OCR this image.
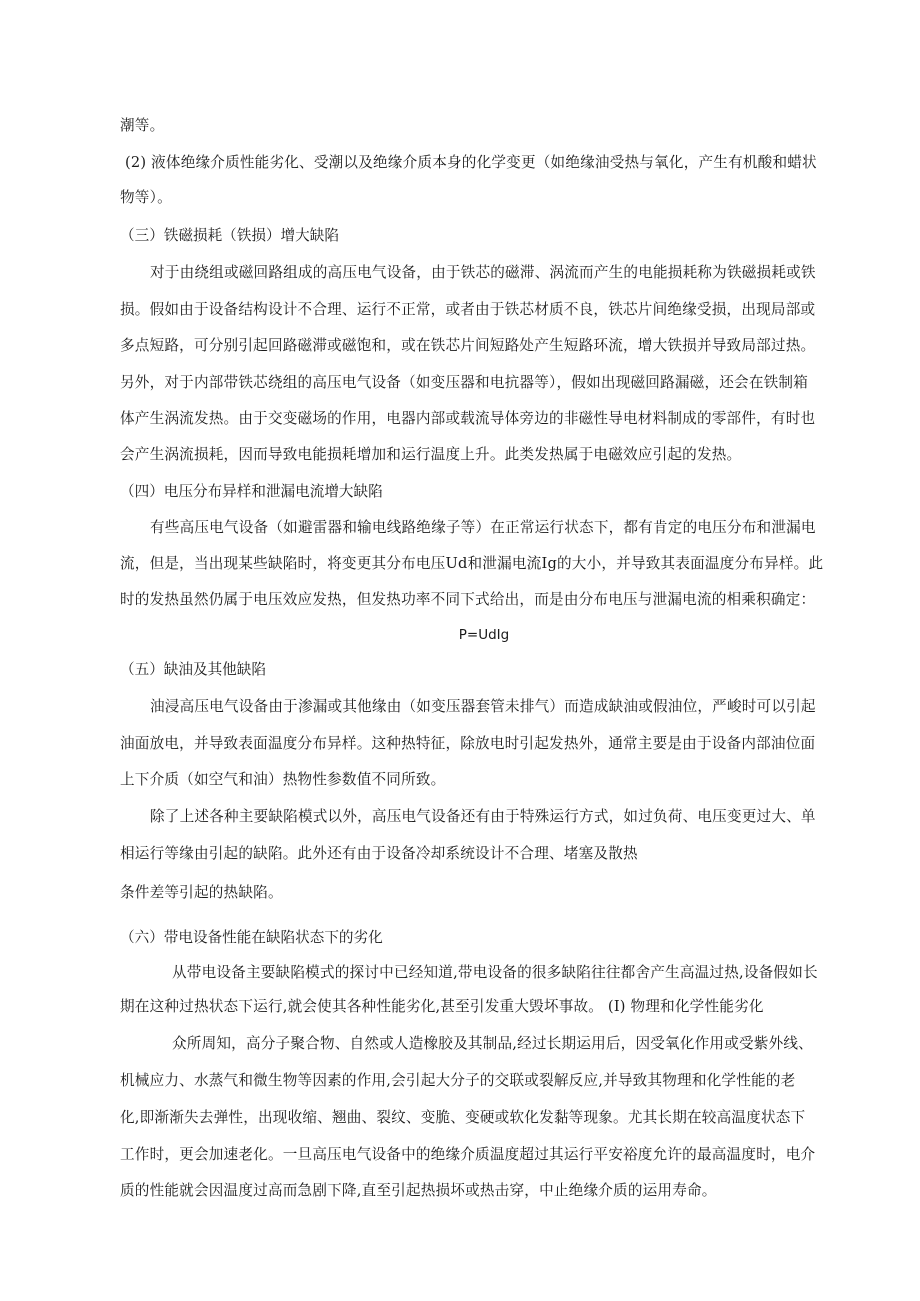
潮等。
(2) 液体绝缘介质性能劣化、受潮以及绝缘介质本身的化学变更（如绝缘油受热与氧化，产生有机酸和蜡状
物等）。
（三）铁磁损耗（铁损）增大缺陷
对于由绕组或磁回路组成的高压电气设备，由于铁芯的磁滞、涡流而产生的电能损耗称为铁磁损耗或铁
损。假如由于设备结构设计不合理、运行不正常，或者由于铁芯材质不良，铁芯片间绝缘受损，出现局部或
多点短路，可分别引起回路磁滞或磁饱和，或在铁芯片间短路处产生短路环流，增大铁损并导致局部过热。
另外，对于内部带铁芯绕组的高压电气设备（如变压器和电抗器等），假如出现磁回路漏磁，还会在铁制箱
体产生涡流发热。由于交变磁场的作用，电器内部或载流导体旁边的非磁性导电材料制成的零部件，有时也
会产生涡流损耗，因而导致电能损耗增加和运行温度上升。此类发热属于电磁效应引起的发热。
（四）电压分布异样和泄漏电流增大缺陷
有些高压电气设备（如避雷器和输电线路绝缘子等）在正常运行状态下，都有肯定的电压分布和泄漏电
流，但是，当出现某些缺陷时，将变更其分布电压Ud和泄漏电流Ig的大小，并导致其表面温度分布异样。此
时的发热虽然仍属于电压效应发热，但发热功率不同下式给出，而是由分布电压与泄漏电流的相乘积确定：
P=UdIg
（五）缺油及其他缺陷
油浸高压电气设备由于渗漏或其他缘由（如变压器套管未排气）而造成缺油或假油位，严峻时可以引起
油面放电，并导致表面温度分布异样。这种热特征，除放电时引起发热外，通常主要是由于设备内部油位面
上下介质（如空气和油）热物性参数值不同所致。
除了上述各种主要缺陷模式以外，高压电气设备还有由于特殊运行方式，如过负荷、电压变更过大、单
相运行等缘由引起的缺陷。此外还有由于设备冷却系统设计不合理、堵塞及散热
条件差等引起的热缺陷。
（六）带电设备性能在缺陷状态下的劣化
从带电设备主要缺陷模式的探讨中已经知道,带电设备的很多缺陷往往都舍产生高温过热,设备假如长
期在这种过热状态下运行,就会使其各种性能劣化,甚至引发重大毁坏事故。 (I) 物理和化学性能劣化
众所周知，高分子聚合物、自然或人造橡胶及其制品,经过长期运用后，因受氧化作用或受紫外线、
机械应力、水蒸气和微生物等因素的作用,会引起大分子的交联或裂解反应,并导致其物理和化学性能的老
化,即渐渐失去弹性，出现收缩、翘曲、裂纹、变脆、变硬或软化发黏等现象。尤其长期在较高温度状态下
工作时，更会加速老化。一旦高压电气设备中的绝缘介质温度超过其运行平安裕度允许的最高温度时，电介
质的性能就会因温度过高而急剧下降,直至引起热损坏或热击穿，中止绝缘介质的运用寿命。
